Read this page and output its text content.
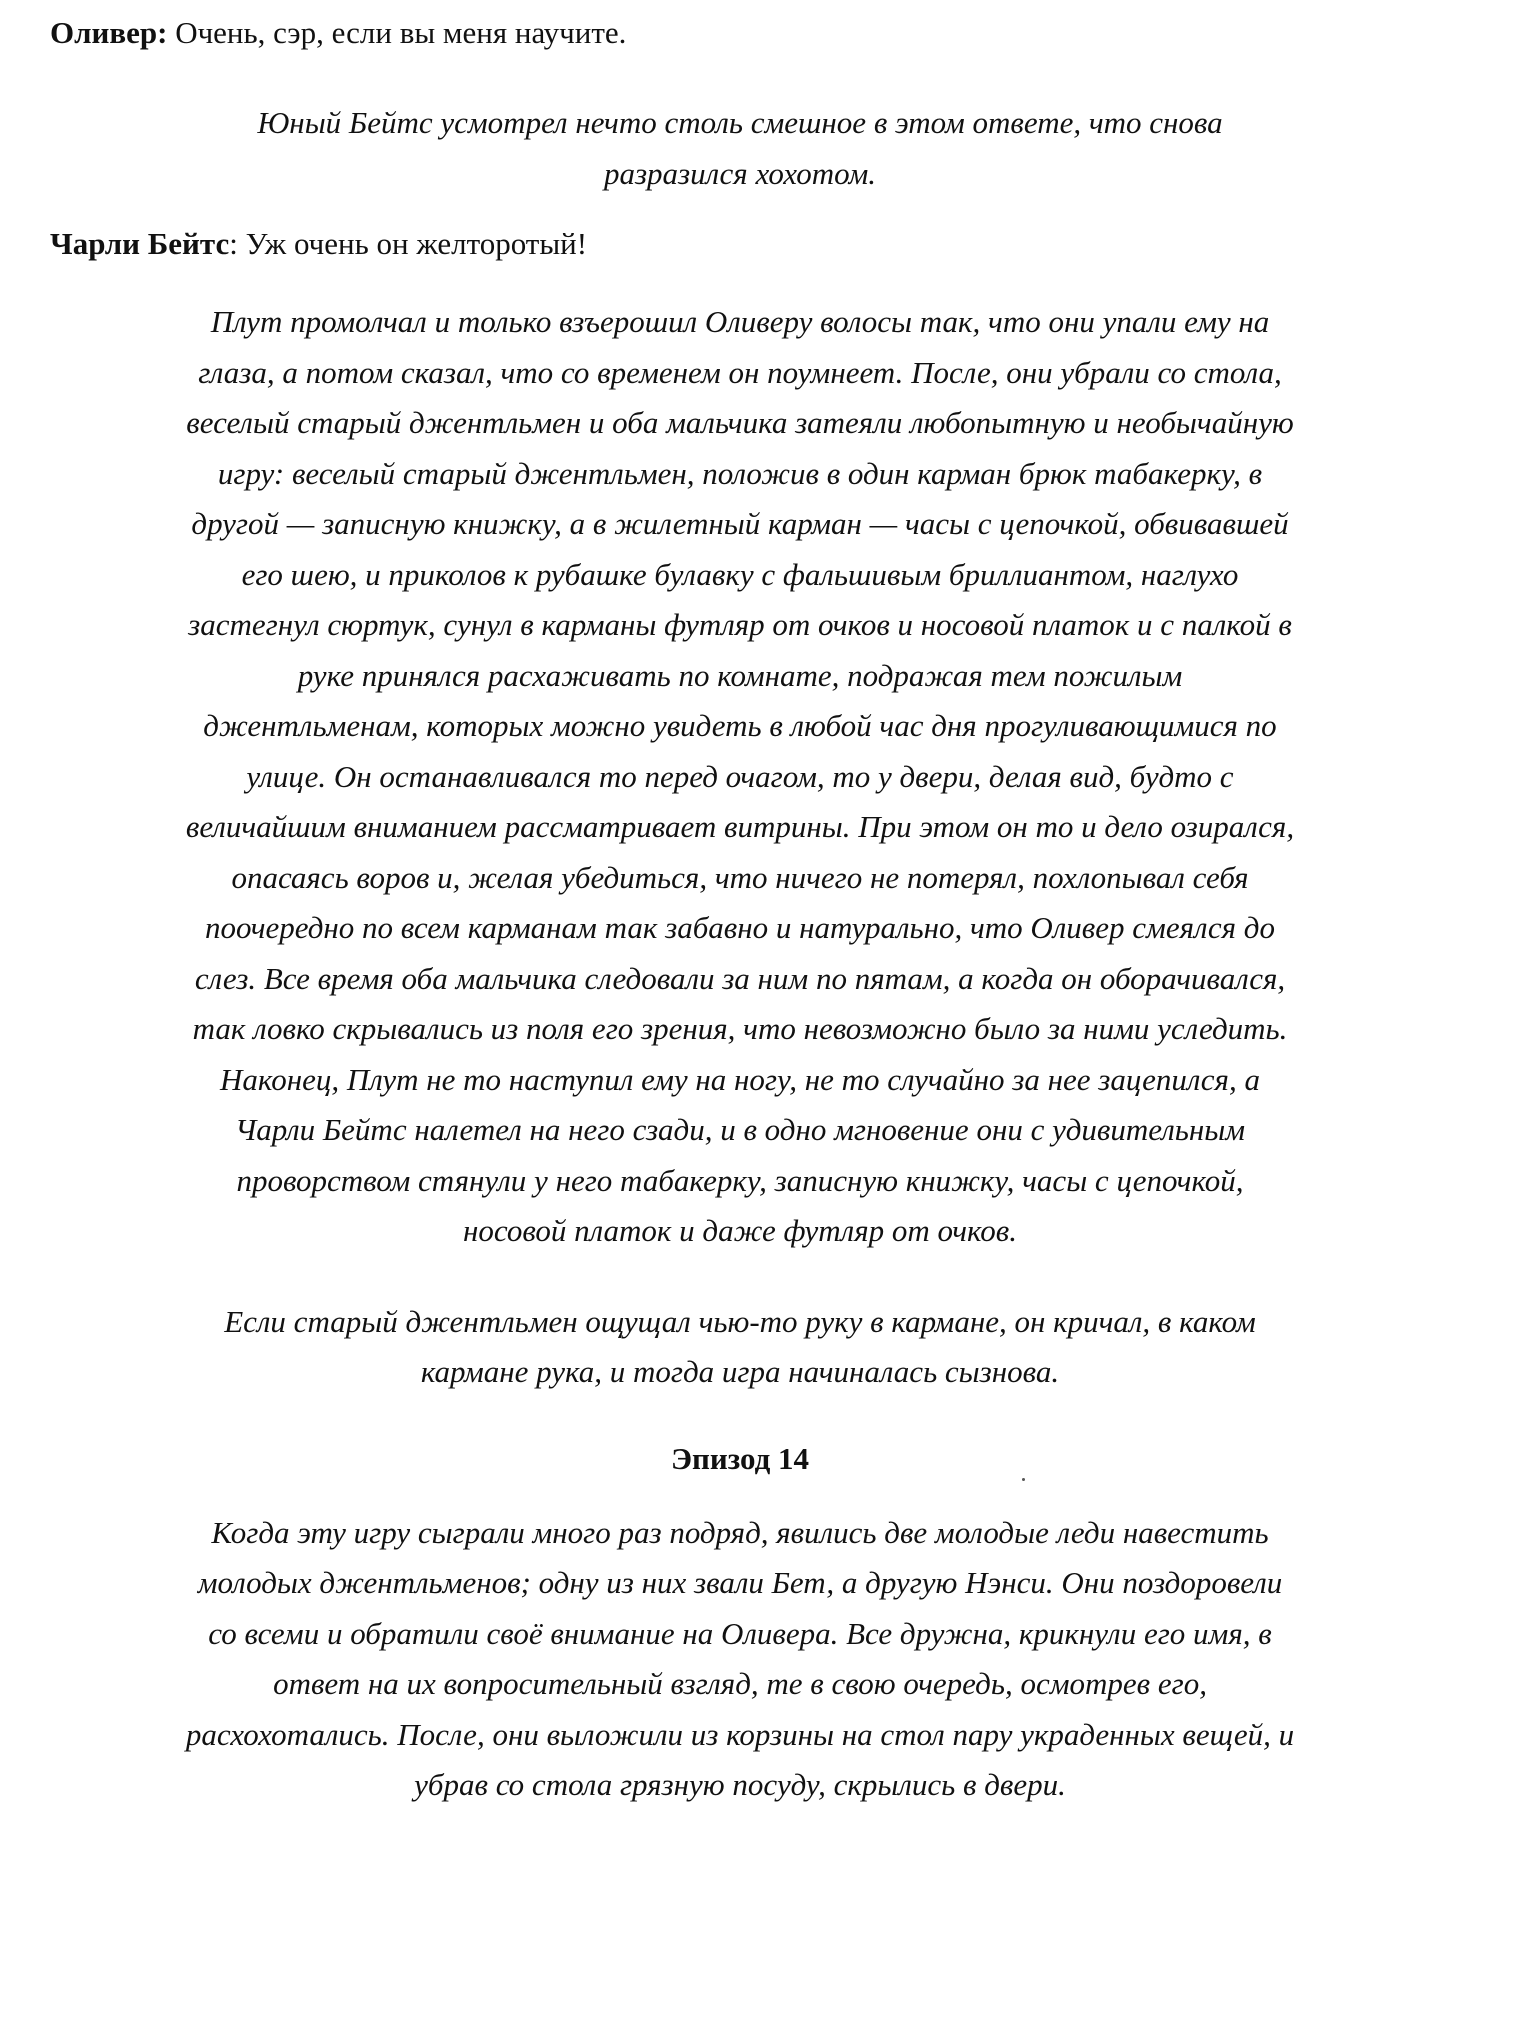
Оливер: Очень, сэр, если вы меня научите.

Юный Бейтс усмотрел нечто столь смешное в этом ответе, что снова
разразился хохотом.

Чарли Бейтс: Уж очень он желторотый!

Плут промолчал и только взъерошил Оливеру волосы так, что они упали ему на
глаза, а потом сказал, что со временем он поумнеет. После, они убрали со стола,
веселый старый джентльмен и оба мальчика затеяли любопытную и необычайную
игру: веселый старый джентльмен, положив в один карман брюк табакерку, в
другой — записную книжку, а в жилетный карман — часы с цепочкой, обвивавшей
его шею, и приколов к рубашке булавку с фальшивым бриллиантом, наглухо
застегнул сюртук, сунул в карманы футляр от очков и носовой платок и с палкой в
руке принялся расхаживать по комнате, подражая тем пожилым
джентльменам, которых можно увидеть в любой час дня прогуливающимися по
улице. Он останавливался то перед очагом, то у двери, делая вид, будто с
величайшим вниманием рассматривает витрины. При этом он то и дело озирался,
опасаясь воров и, желая убедиться, что ничего не потерял, похлопывал себя
поочередно по всем карманам так забавно и натурально, что Оливер смеялся до
слез. Все время оба мальчика следовали за ним по пятам, а когда он оборачивался,
так ловко скрывались из поля его зрения, что невозможно было за ними уследить.
Наконец, Плут не то наступил ему на ногу, не то случайно за нее зацепился, а
Чарли Бейтс налетел на него сзади, и в одно мгновение они с удивительным
проворством стянули у него табакерку, записную книжку, часы с цепочкой,
носовой платок и даже футляр от очков.
Если старый джентльмен ощущал чью-то руку в кармане, он кричал, в каком
кармане рука, и тогда игра начиналась сызнова.
Эпизод 14
Когда эту игру сыграли много раз подряд, явились две молодые леди навестить
молодых джентльменов; одну из них звали Бет, а другую Нэнси. Они поздоровели
со всеми и обратили своё внимание на Оливера. Все дружна, крикнули его имя, в
ответ на их вопросительный взгляд, те в свою очередь, осмотрев его,
расхохотались. После, они выложили из корзины на стол пару украденных вещей, и
убрав со стола грязную посуду, скрылись в двери.
